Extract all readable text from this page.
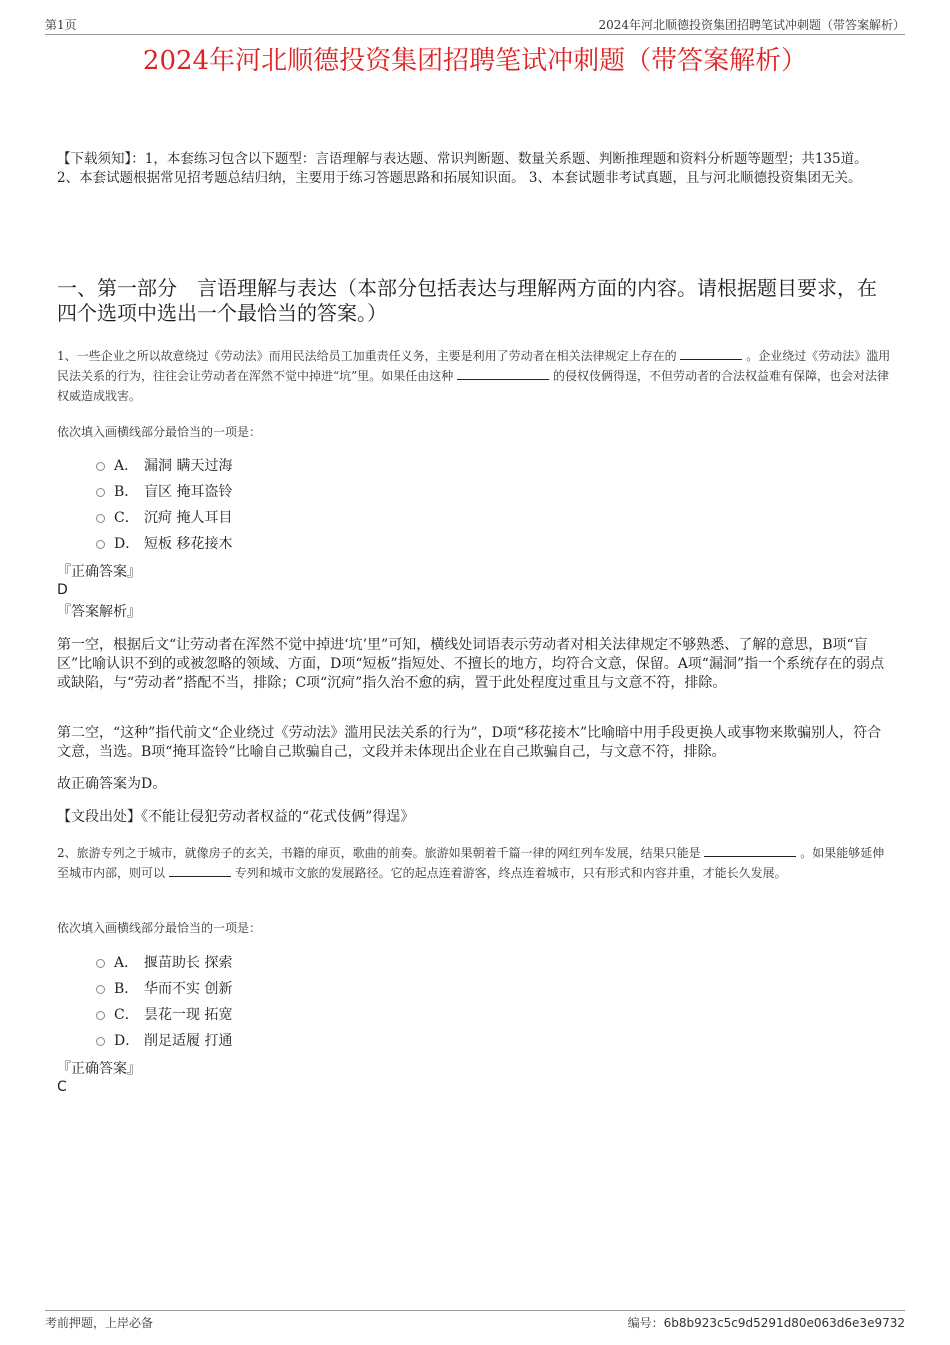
第1页	2024年河北顺德投资集团招聘笔试冲刺题（带答案解析）
2024年河北顺德投资集团招聘笔试冲刺题（带答案解析）
【下载须知】：1，本套练习包含以下题型：言语理解与表达题、常识判断题、数量关系题、判断推理题和资料分析题等题型；共135道。 2、本套试题根据常见招考题总结归纳，主要用于练习答题思路和拓展知识面。 3、本套试题非考试真题，且与河北顺德投资集团无关。
一、第一部分　言语理解与表达（本部分包括表达与理解两方面的内容。请根据题目要求，在四个选项中选出一个最恰当的答案。）
1、一些企业之所以故意绕过《劳动法》而用民法给员工加重责任义务，主要是利用了劳动者在相关法律规定上存在的	。企业绕过《劳动法》滥用民法关系的行为，往往会让劳动者在浑然不觉中掉进“坑”里。如果任由这种	的侵权伎俩得逞，不但劳动者的合法权益难有保障，也会对法律权威造成戕害。
依次填入画横线部分最恰当的一项是：
A． 漏洞 瞒天过海
B． 盲区 掩耳盗铃
C． 沉疴 掩人耳目
D． 短板 移花接木
『正确答案』
D
『答案解析』
第一空，根据后文“让劳动者在浑然不觉中掉进‘坑’里”可知，横线处词语表示劳动者对相关法律规定不够熟悉、了解的意思，B项“盲区”比喻认识不到的或被忽略的领域、方面，D项“短板”指短处、不擅长的地方，均符合文意，保留。A项“漏洞”指一个系统存在的弱点或缺陷，与“劳动者”搭配不当，排除；C项“沉疴”指久治不愈的病，置于此处程度过重且与文意不符，排除。
第二空，“这种”指代前文“企业绕过《劳动法》滥用民法关系的行为”，D项“移花接木”比喻暗中用手段更换人或事物来欺骗别人，符合文意，当选。B项“掩耳盗铃”比喻自己欺骗自己，文段并未体现出企业在自己欺骗自己，与文意不符，排除。
故正确答案为D。
【文段出处】《不能让侵犯劳动者权益的“花式伎俩”得逞》
2、旅游专列之于城市，就像房子的玄关，书籍的扉页，歌曲的前奏。旅游如果朝着千篇一律的网红列车发展，结果只能是	。如果能够延伸至城市内部，则可以	专列和城市文旅的发展路径。它的起点连着游客，终点连着城市，只有形式和内容并重，才能长久发展。
依次填入画横线部分最恰当的一项是：
A． 揠苗助长 探索
B． 华而不实 创新
C． 昙花一现 拓宽
D． 削足适履 打通
『正确答案』
C
考前押题，上岸必备	编号：6b8b923c5c9d5291d80e063d6e3e9732
